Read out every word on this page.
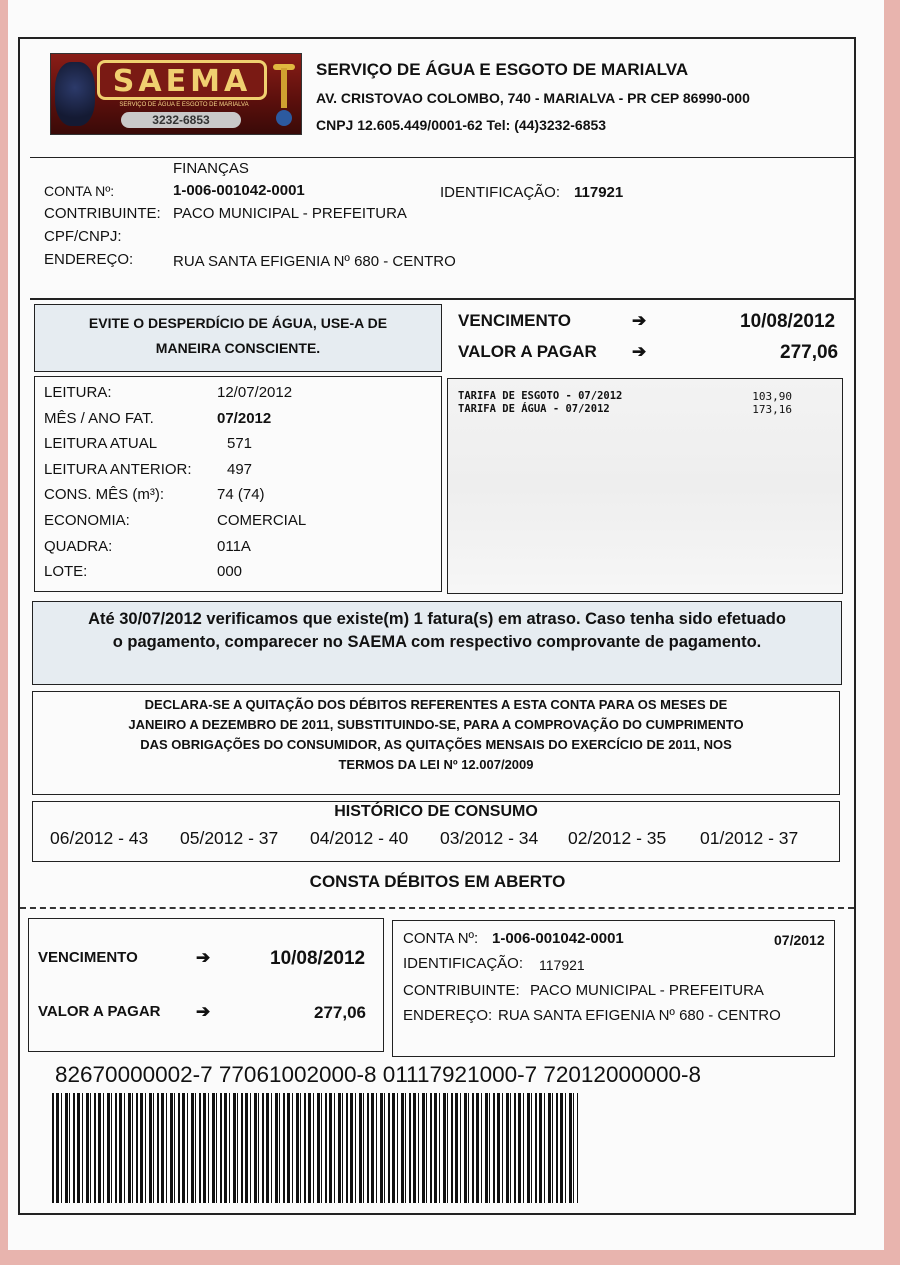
SAEMA
SERVIÇO DE ÁGUA E ESGOTO DE MARIALVA
3232-6853
SERVIÇO DE ÁGUA E ESGOTO DE MARIALVA
AV. CRISTOVAO COLOMBO, 740 - MARIALVA - PR CEP 86990-000
CNPJ 12.605.449/0001-62 Tel: (44)3232-6853
FINANÇAS
CONTA Nº:	1-006-001042-0001	IDENTIFICAÇÃO: 117921
CONTRIBUINTE: PACO MUNICIPAL - PREFEITURA
CPF/CNPJ:
ENDEREÇO:	RUA SANTA EFIGENIA Nº 680 - CENTRO
EVITE O DESPERDÍCIO DE ÁGUA, USE-A DE
MANEIRA CONSCIENTE.
VENCIMENTO	➔	10/08/2012
VALOR A PAGAR ➔	277,06
LEITURA:	12/07/2012
MÊS / ANO FAT.	07/2012
LEITURA ATUAL	571
LEITURA ANTERIOR: 497
CONS. MÊS (m³):	74 (74)
ECONOMIA:	COMERCIAL
QUADRA:	011A
LOTE:	000
TARIFA DE ESGOTO - 07/2012	103,90
TARIFA DE ÁGUA - 07/2012	173,16
Até 30/07/2012 verificamos que existe(m) 1 fatura(s) em atraso. Caso tenha sido efetuado
o pagamento, comparecer no SAEMA com respectivo comprovante de pagamento.
DECLARA-SE A QUITAÇÃO DOS DÉBITOS REFERENTES A ESTA CONTA PARA OS MESES DE
JANEIRO A DEZEMBRO DE 2011, SUBSTITUINDO-SE, PARA A COMPROVAÇÃO DO CUMPRIMENTO
DAS OBRIGAÇÕES DO CONSUMIDOR, AS QUITAÇÕES MENSAIS DO EXERCÍCIO DE 2011, NOS
TERMOS DA LEI Nº 12.007/2009
HISTÓRICO DE CONSUMO
06/2012 - 43 05/2012 - 37 04/2012 - 40 03/2012 - 34 02/2012 - 35 01/2012 - 37
CONSTA DÉBITOS EM ABERTO
VENCIMENTO	➔	10/08/2012
VALOR A PAGAR ➔	277,06
CONTA Nº: 1-006-001042-0001	07/2012
IDENTIFICAÇÃO: 117921
CONTRIBUINTE: PACO MUNICIPAL - PREFEITURA
ENDEREÇO: RUA SANTA EFIGENIA Nº 680 - CENTRO
82670000002-7 77061002000-8 01117921000-7 72012000000-8
